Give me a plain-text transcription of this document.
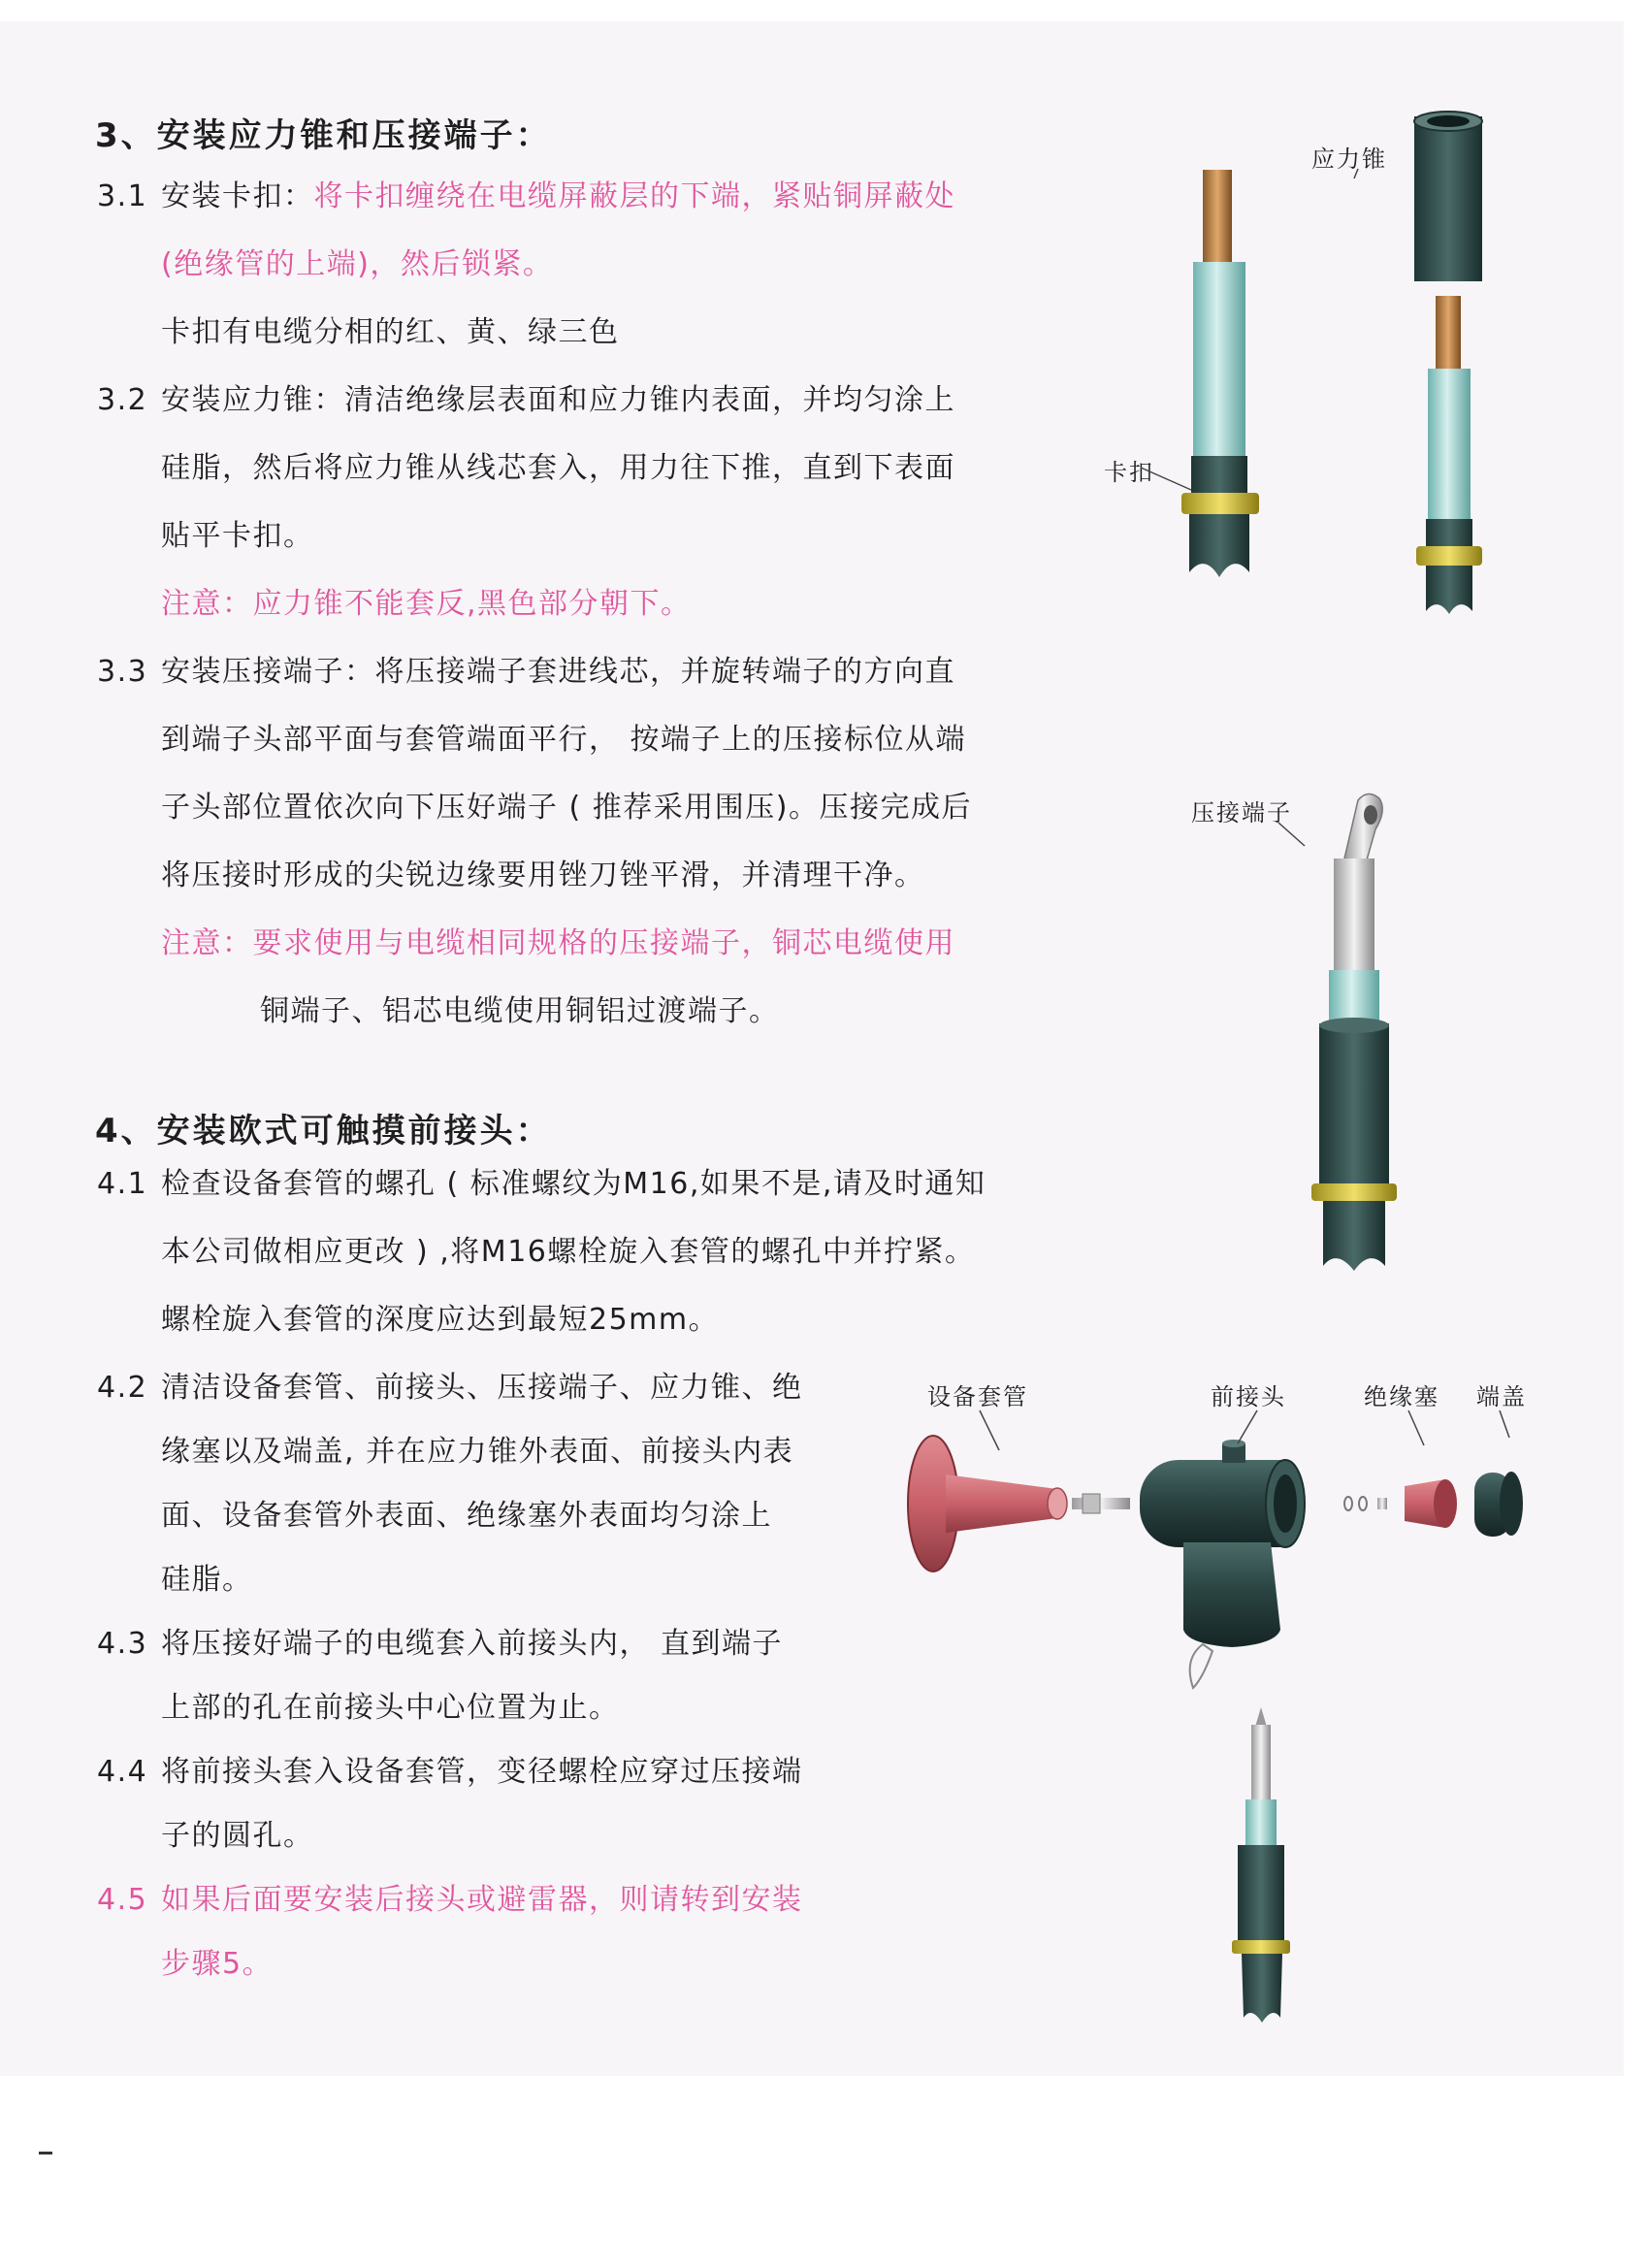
3、安装应力锥和压接端子：
3.1 安装卡扣：将卡扣缠绕在电缆屏蔽层的下端，紧贴铜屏蔽处
(绝缘管的上端)，然后锁紧。
卡扣有电缆分相的红、黄、绿三色
3.2 安装应力锥：清洁绝缘层表面和应力锥内表面，并均匀涂上
硅脂，然后将应力锥从线芯套入，用力往下推，直到下表面
贴平卡扣。
注意：应力锥不能套反,黑色部分朝下。
3.3 安装压接端子：将压接端子套进线芯，并旋转端子的方向直
到端子头部平面与套管端面平行， 按端子上的压接标位从端
子头部位置依次向下压好端子 ( 推荐采用围压)。压接完成后
将压接时形成的尖锐边缘要用锉刀锉平滑，并清理干净。
注意：要求使用与电缆相同规格的压接端子，铜芯电缆使用
铜端子、铝芯电缆使用铜铝过渡端子。
4、安装欧式可触摸前接头：
4.1 检查设备套管的螺孔 ( 标准螺纹为M16,如果不是,请及时通知
本公司做相应更改 ) ,将M16螺栓旋入套管的螺孔中并拧紧。
螺栓旋入套管的深度应达到最短25mm。
4.2 清洁设备套管、前接头、压接端子、应力锥、绝
缘塞以及端盖, 并在应力锥外表面、前接头内表
面、设备套管外表面、绝缘塞外表面均匀涂上
硅脂。
4.3 将压接好端子的电缆套入前接头内， 直到端子
上部的孔在前接头中心位置为止。
4.4 将前接头套入设备套管，变径螺栓应穿过压接端
子的圆孔。
4.5 如果后面要安装后接头或避雷器，则请转到安装
步骤5。
应力锥
卡扣
压接端子
设备套管	前接头	绝缘塞 端盖
